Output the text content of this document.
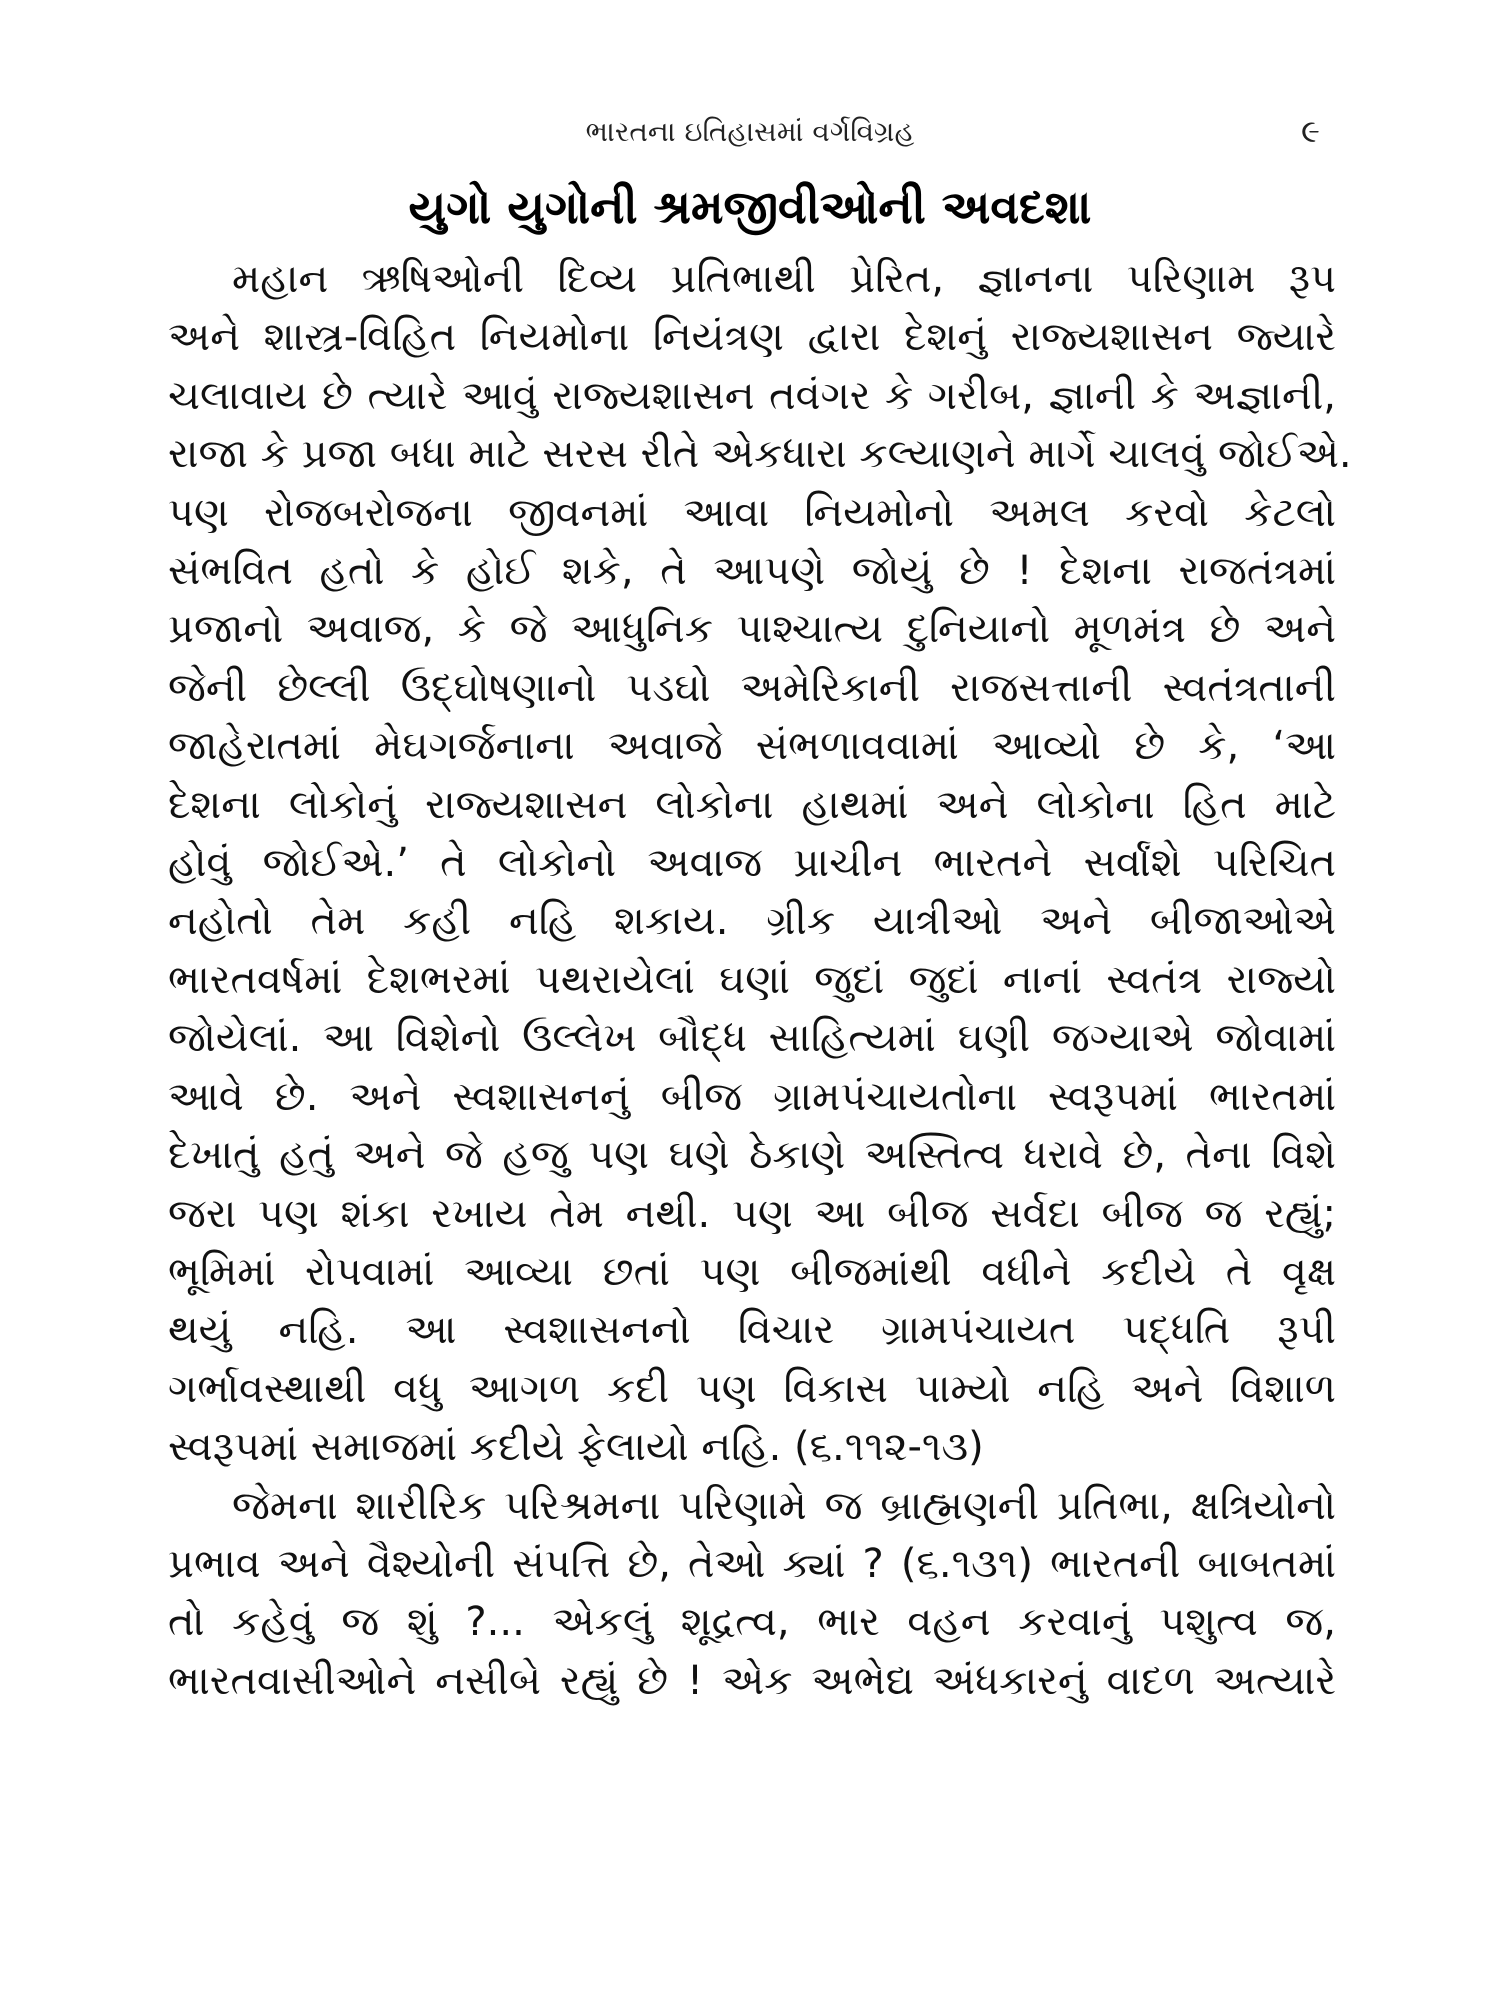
ભારતના ઇતિહાસમાં વર્ગવિગ્રહ	૯
યુગો યુગોની શ્રમજીવીઓની અવદશા

મહાન ઋષિઓની દિવ્ય પ્રતિભાથી પ્રેરિત, જ્ઞાનના પરિણામ રૂપ
અને શાસ્ત્ર-વિહિત નિયમોના નિયંત્રણ દ્વારા દેશનું રાજ્યશાસન જ્યારે
ચલાવાય છે ત્યારે આવું રાજ્યશાસન તવંગર કે ગરીબ, જ્ઞાની કે અજ્ઞાની,
રાજા કે પ્રજા બધા માટે સરસ રીતે એકધારા કલ્યાણને માર્ગે ચાલવું જોઈએ.
પણ રોજબરોજના જીવનમાં આવા નિયમોનો અમલ કરવો કેટલો
સંભવિત હતો કે હોઈ શકે, તે આપણે જોયું છે ! દેશના રાજતંત્રમાં
પ્રજાનો અવાજ, કે જે આધુનિક પાશ્ચાત્ય દુનિયાનો મૂળમંત્ર છે અને
જેની છેલ્લી ઉદ્ઘોષણાનો પડઘો અમેરિકાની રાજસત્તાની સ્વતંત્રતાની
જાહેરાતમાં મેઘગર્જનાના અવાજે સંભળાવવામાં આવ્યો છે કે, ‘આ
દેશના લોકોનું રાજ્યશાસન લોકોના હાથમાં અને લોકોના હિત માટે
હોવું જોઈએ.’ તે લોકોનો અવાજ પ્રાચીન ભારતને સર્વાંશે પરિચિત
નહોતો તેમ કહી નહિ શકાય. ગ્રીક યાત્રીઓ અને બીજાઓએ
ભારતવર્ષમાં દેશભરમાં પથરાયેલાં ઘણાં જુદાં જુદાં નાનાં સ્વતંત્ર રાજ્યો
જોયેલાં. આ વિશેનો ઉલ્લેખ બૌદ્ધ સાહિત્યમાં ઘણી જગ્યાએ જોવામાં
આવે છે. અને સ્વશાસનનું બીજ ગ્રામપંચાયતોના સ્વરૂપમાં ભારતમાં
દેખાતું હતું અને જે હજુ પણ ઘણે ઠેકાણે અસ્તિત્વ ધરાવે છે, તેના વિશે
જરા પણ શંકા રખાય તેમ નથી. પણ આ બીજ સર્વદા બીજ જ રહ્યું;
ભૂમિમાં રોપવામાં આવ્યા છતાં પણ બીજમાંથી વધીને કદીયે તે વૃક્ષ
થયું નહિ. આ સ્વશાસનનો વિચાર ગ્રામપંચાયત પદ્ધતિ રૂપી
ગર્ભાવસ્થાથી વધુ આગળ કદી પણ વિકાસ પામ્યો નહિ અને વિશાળ
સ્વરૂપમાં સમાજમાં કદીયે ફેલાયો નહિ. (૬.૧૧૨-૧૩)

જેમના શારીરિક પરિશ્રમના પરિણામે જ બ્રાહ્મણની પ્રતિભા, ક્ષત્રિયોનો
પ્રભાવ અને વૈશ્યોની સંપત્તિ છે, તેઓ ક્યાં ? (૬.૧૩૧) ભારતની બાબતમાં
તો કહેવું જ શું ?... એકલું શૂદ્રત્વ, ભાર વહન કરવાનું પશુત્વ જ,
ભારતવાસીઓને નસીબે રહ્યું છે ! એક અભેદ્ય અંધકારનું વાદળ અત્યારે
